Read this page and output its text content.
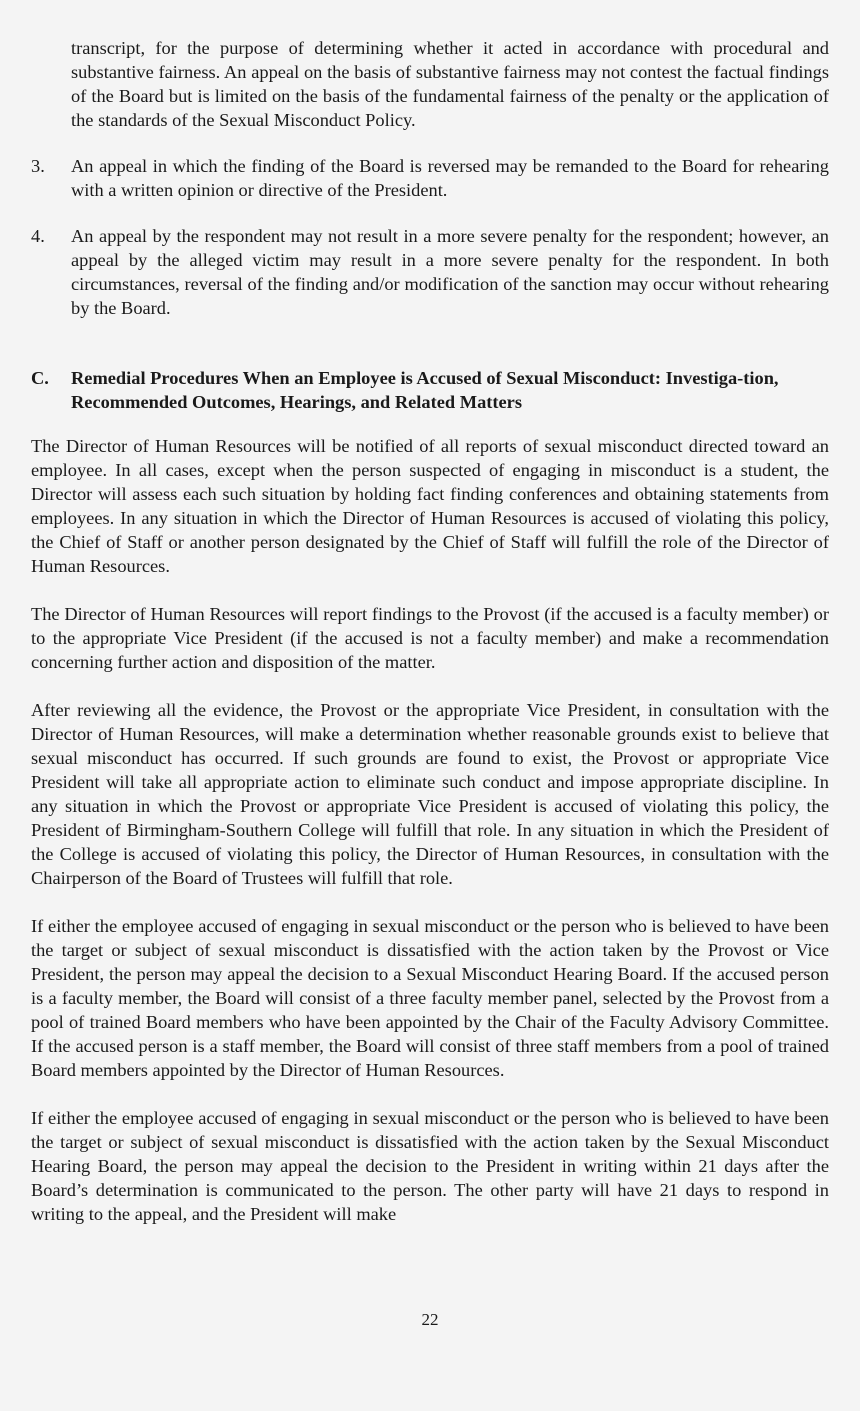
transcript, for the purpose of determining whether it acted in accordance with procedural and substantive fairness. An appeal on the basis of substantive fairness may not contest the factual findings of the Board but is limited on the basis of the fundamental fairness of the penalty or the application of the standards of the Sexual Misconduct Policy.

3.	An appeal in which the finding of the Board is reversed may be remanded to the Board for rehearing with a written opinion or directive of the President.
4.	An appeal by the respondent may not result in a more severe penalty for the respondent; however, an appeal by the alleged victim may result in a more severe penalty for the respondent. In both circumstances, reversal of the finding and/or modification of the sanction may occur without rehearing by the Board.
C.	Remedial Procedures When an Employee is Accused of Sexual Misconduct: Investiga-tion, Recommended Outcomes, Hearings, and Related Matters

The Director of Human Resources will be notified of all reports of sexual misconduct directed toward an employee. In all cases, except when the person suspected of engaging in misconduct is a student, the Director will assess each such situation by holding fact finding conferences and obtaining statements from employees. In any situation in which the Director of Human Resources is accused of violating this policy, the Chief of Staff or another person designated by the Chief of Staff will fulfill the role of the Director of Human Resources.

The Director of Human Resources will report findings to the Provost (if the accused is a faculty member) or to the appropriate Vice President (if the accused is not a faculty member) and make a recommendation concerning further action and disposition of the matter.

After reviewing all the evidence, the Provost or the appropriate Vice President, in consultation with the Director of Human Resources, will make a determination whether reasonable grounds exist to believe that sexual misconduct has occurred. If such grounds are found to exist, the Provost or appropriate Vice President will take all appropriate action to eliminate such conduct and impose appropriate discipline. In any situation in which the Provost or appropriate Vice President is accused of violating this policy, the President of Birmingham-Southern College will fulfill that role. In any situation in which the President of the College is accused of violating this policy, the Director of Human Resources, in consultation with the Chairperson of the Board of Trustees will fulfill that role.

If either the employee accused of engaging in sexual misconduct or the person who is believed to have been the target or subject of sexual misconduct is dissatisfied with the action taken by the Provost or Vice President, the person may appeal the decision to a Sexual Misconduct Hearing Board. If the accused person is a faculty member, the Board will consist of a three faculty member panel, selected by the Provost from a pool of trained Board members who have been appointed by the Chair of the Faculty Advisory Committee. If the accused person is a staff member, the Board will consist of three staff members from a pool of trained Board members appointed by the Director of Human Resources.

If either the employee accused of engaging in sexual misconduct or the person who is believed to have been the target or subject of sexual misconduct is dissatisfied with the action taken by the Sexual Misconduct Hearing Board, the person may appeal the decision to the President in writing within 21 days after the Board’s determination is communicated to the person. The other party will have 21 days to respond in writing to the appeal, and the President will make

22
